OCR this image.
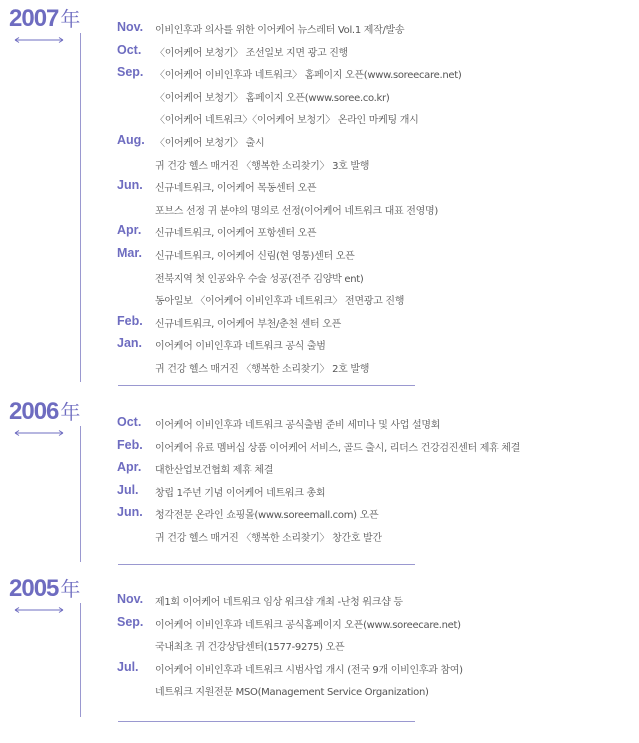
2007 年	Nov. 이비인후과 의사를 위한 이어케어 뉴스레터 Vol.1 제작/발송
Oct. 〈이어케어 보청기〉 조선일보 지면 광고 진행
Sep. 〈이어케어 이비인후과 네트워크〉 홈페이지 오픈(www.soreecare.net)
〈이어케어 보청기〉 홈페이지 오픈(www.soree.co.kr)
〈이어케어 네트워크〉〈이어케어 보청기〉 온라인 마케팅 개시
Aug. 〈이어케어 보청기〉 출시
귀 건강 헬스 매거진 〈행복한 소리찾기〉 3호 발행
Jun. 신규네트워크, 이어케어 목동센터 오픈
포브스 선정 귀 분야의 명의로 선정(이어케어 네트워크 대표 전영명)
Apr. 신규네트워크, 이어케어 포항센터 오픈
Mar. 신규네트워크, 이어케어 신림(현 영통)센터 오픈
전북지역 첫 인공와우 수술 성공(전주 김양박 ent)
동아일보 〈이어케어 이비인후과 네트워크〉 전면광고 진행
Feb. 신규네트워크, 이어케어 부천/춘천 센터 오픈
Jan. 이어케어 이비인후과 네트워크 공식 출범
귀 건강 헬스 매거진 〈행복한 소리찾기〉 2호 발행
2006 年	Oct. 이어케어 이비인후과 네트워크 공식출범 준비 세미나 및 사업 설명회
Feb. 이어케어 유료 멤버십 상품 이어케어 서비스, 골드 출시, 리더스 건강검진센터 제휴 체결
Apr. 대한산업보건협회 제휴 체결
Jul. 창립 1주년 기념 이어케어 네트워크 총회
Jun. 청각전문 온라인 쇼핑몰(www.soreemall.com) 오픈
귀 건강 헬스 매거진 〈행복한 소리찾기〉 창간호 발간
2005 年	Nov. 제1회 이어케어 네트워크 임상 워크샵 개최 -난청 워크샵 등
Sep. 이어케어 이비인후과 네트워크 공식홈페이지 오픈(www.soreecare.net)
국내최초 귀 건강상담센터(1577-9275) 오픈
Jul. 이어케어 이비인후과 네트워크 시범사업 개시 (전국 9개 이비인후과 참여)
네트워크 지원전문 MSO(Management Service Organization)
